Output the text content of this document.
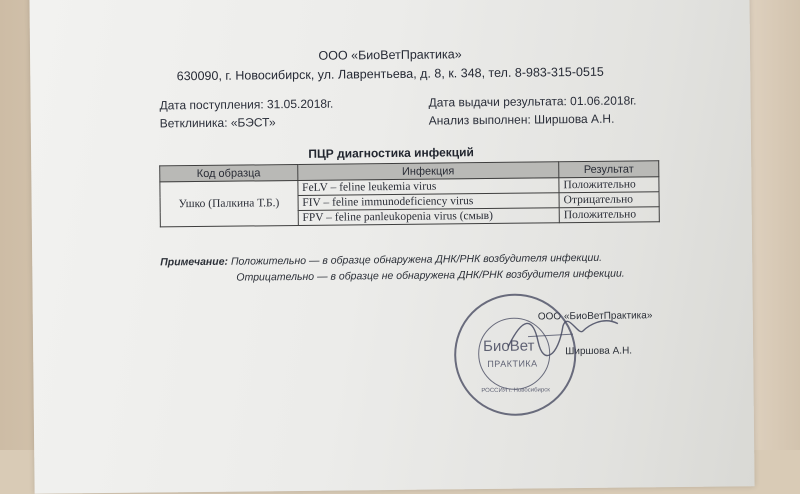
ООО «БиоВетПрактика»
630090, г. Новосибирск, ул. Лаврентьева, д. 8, к. 348, тел. 8-983-315-0515
Дата поступления: 31.05.2018г.
Ветклиника: «БЭСТ»
Дата выдачи результата: 01.06.2018г.
Анализ выполнен: Ширшова А.Н.
ПЦР диагностика инфекций
Код образца	Инфекция	Результат
Ушко (Палкина Т.Б.)	FeLV – feline leukemia virus	Положительно
	FIV – feline immunodeficiency virus	Отрицательно
	FPV – feline panleukopenia virus (смыв)	Положительно
Примечание: Положительно — в образце обнаружена ДНК/РНК возбудителя инфекции.
Отрицательно — в образце не обнаружена ДНК/РНК возбудителя инфекции.
ООО «БиоВетПрактика»
Ширшова А.Н.
БиоВет
ПРАКТИКА
РОССИЯ г. Новосибирск
